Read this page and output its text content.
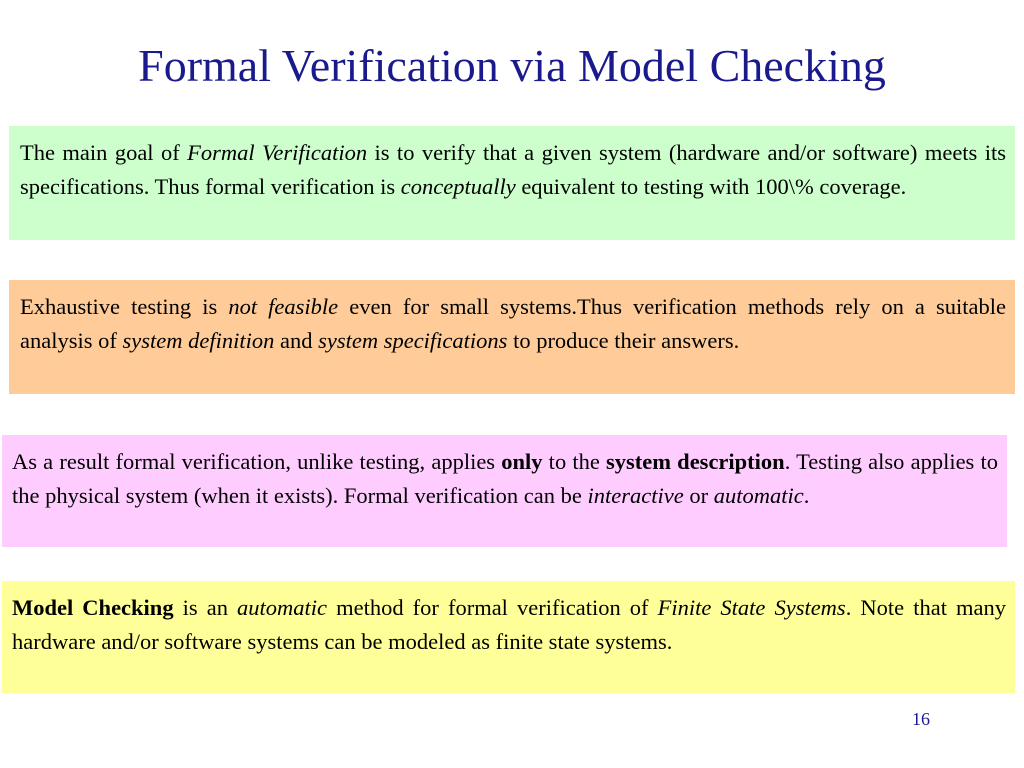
Formal Verification via Model Checking

The main goal of Formal Verification is to verify that a given system (hardware and/or software) meets its specifications. Thus formal verification is conceptually equivalent to testing with 100\% coverage.

Exhaustive testing is not feasible even for small systems.Thus verification methods rely on a suitable analysis of system definition and system specifications to produce their answers.

As a result formal verification, unlike testing, applies only to the system description. Testing also applies to the physical system (when it exists). Formal verification can be interactive or automatic.

Model Checking is an automatic method for formal verification of Finite State Systems. Note that many hardware and/or software systems can be modeled as finite state systems.

16
